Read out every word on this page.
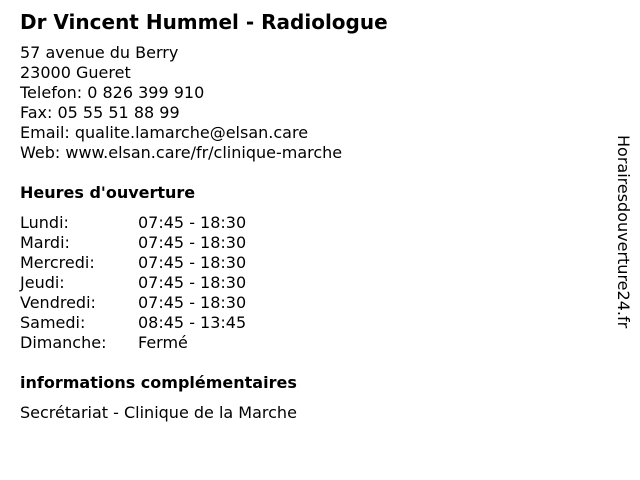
Dr Vincent Hummel - Radiologue
57 avenue du Berry
23000 Gueret
Telefon: 0 826 399 910
Fax: 05 55 51 88 99
Email: qualite.lamarche@elsan.care
Web: www.elsan.care/fr/clinique-marche
Heures d'ouverture
Lundi:	07:45 - 18:30
Mardi:	07:45 - 18:30
Mercredi:	07:45 - 18:30
Jeudi:	07:45 - 18:30
Vendredi:	07:45 - 18:30
Samedi:	08:45 - 13:45
Dimanche:	Fermé
informations complémentaires
Secrétariat - Clinique de la Marche
Horairesdouverture24.fr
